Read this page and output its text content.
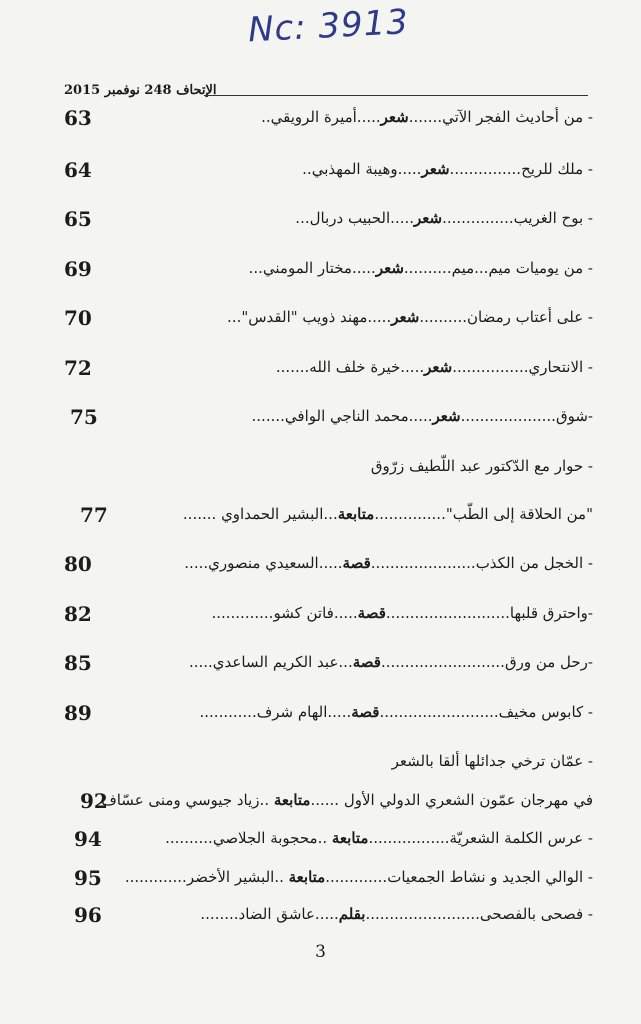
Nc: 3913
الإتحاف 248 نوفمبر 2015
63	- من أحاديث الفجر الآتي.......شعر.....أميرة الرويقي..
64	- ملك للريح...............شعر.....وهيبة المهذبي..
65	- بوح الغريب...............شعر.....الحبيب دربال...
69	- من يوميات ميم...ميم..........شعر.....مختار المومني...
70	- على أعتاب رمضان..........شعر.....مهند ذويب "القدس"...
72	- الانتحاري................شعر.....خيرة خلف الله.......
75	-شوق....................شعر.....محمد الناجي الوافي.......
- حوار مع الدّكتور عبد اللّطيف زرّوق
77	"من الحلاقة إلى الطّب"...............متابعة...البشير الحمداوي .......
80	- الخجل من الكذب......................قصة.....السعيدي منصوري.....
82	-واحترق قلبها..........................قصة.....فاتن كشو.............
85	-رحل من ورق..........................قصة...عبد الكريم الساعدي.....
89	- كابوس مخيف.........................قصة.....الهام شرف............
- عمّان ترخي جدائلها ألقا بالشعر
92	في مهرجان عمّون الشعري الدولي الأول ......متابعة ..زياد جيوسي ومنى عسّاف
94	- عرس الكلمة الشعريّة.................متابعة ..محجوبة الجلاصي..........
95	- الوالي الجديد و نشاط الجمعيات.............متابعة ..البشير الأخضر.............
96	- فصحى بالفصحى........................بقلم.....عاشق الضاد........
3
